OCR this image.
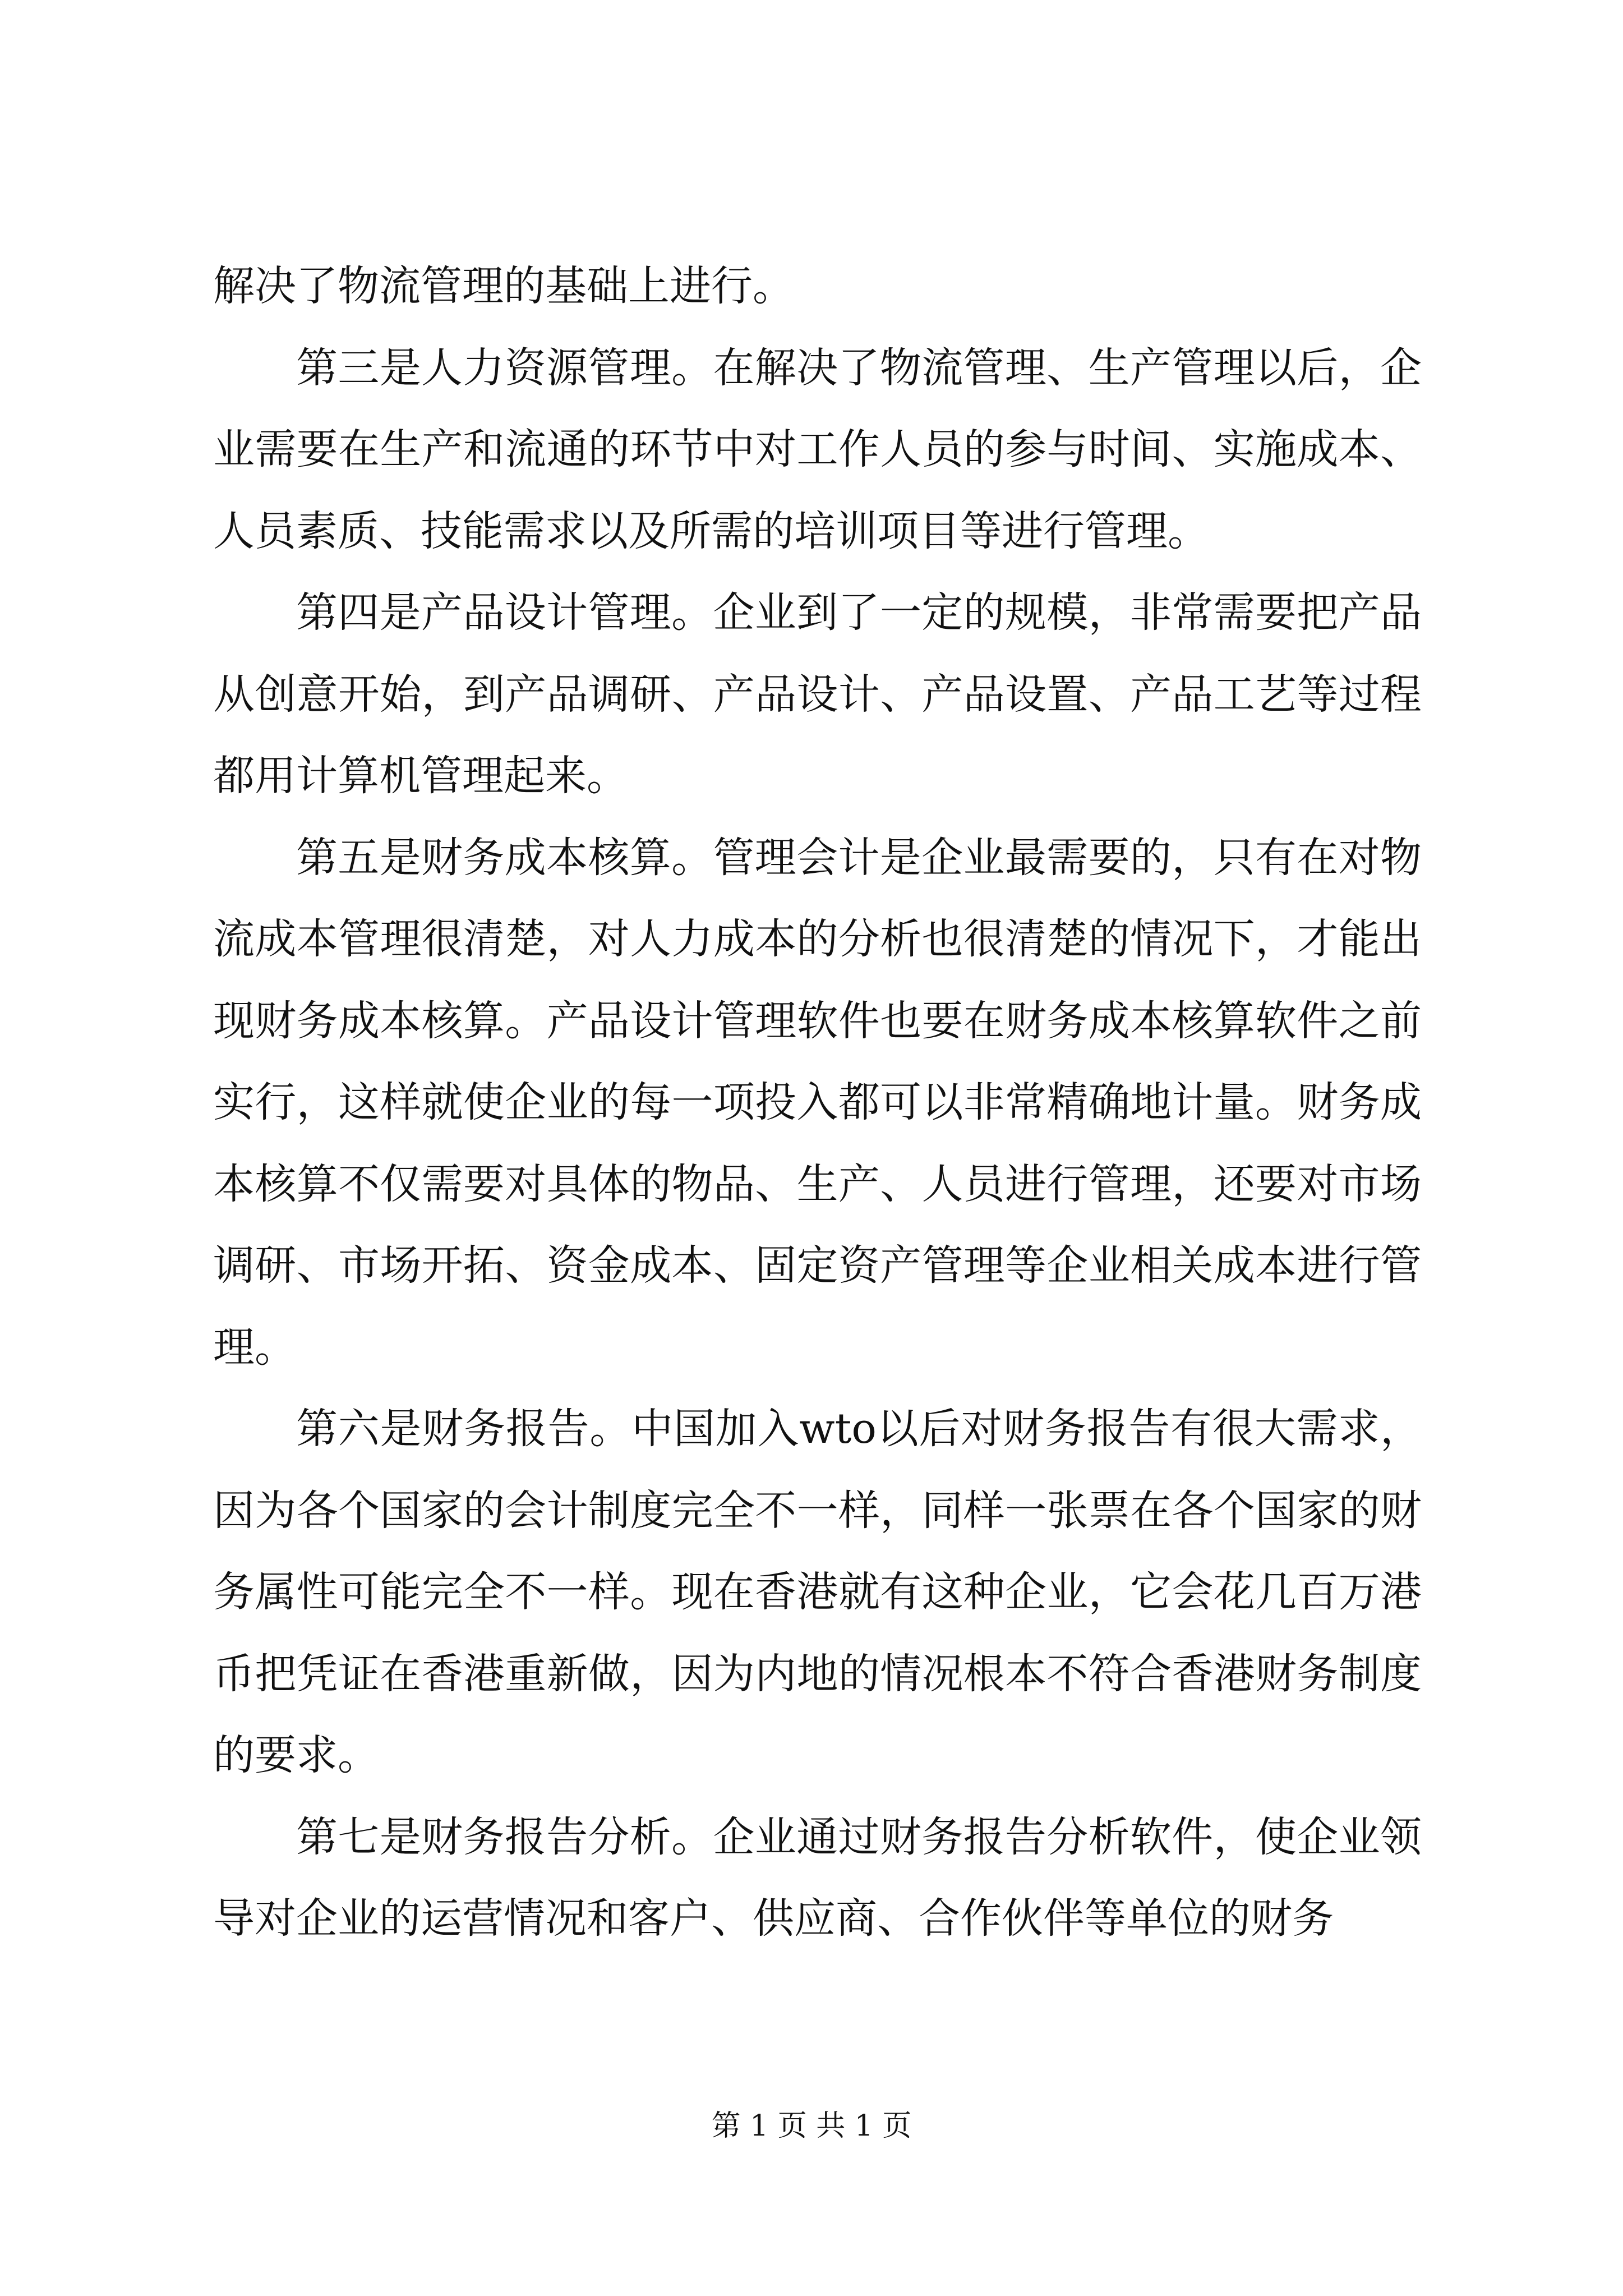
解决了物流管理的基础上进行。

第三是人力资源管理。在解决了物流管理、生产管理以后，企业需要在生产和流通的环节中对工作人员的参与时间、实施成本、人员素质、技能需求以及所需的培训项目等进行管理。

第四是产品设计管理。企业到了一定的规模，非常需要把产品从创意开始，到产品调研、产品设计、产品设置、产品工艺等过程都用计算机管理起来。

第五是财务成本核算。管理会计是企业最需要的，只有在对物流成本管理很清楚，对人力成本的分析也很清楚的情况下，才能出现财务成本核算。产品设计管理软件也要在财务成本核算软件之前实行，这样就使企业的每一项投入都可以非常精确地计量。财务成本核算不仅需要对具体的物品、生产、人员进行管理，还要对市场调研、市场开拓、资金成本、固定资产管理等企业相关成本进行管理。

第六是财务报告。中国加入wto以后对财务报告有很大需求，因为各个国家的会计制度完全不一样，同样一张票在各个国家的财务属性可能完全不一样。现在香港就有这种企业，它会花几百万港币把凭证在香港重新做，因为内地的情况根本不符合香港财务制度的要求。

第七是财务报告分析。企业通过财务报告分析软件，使企业领导对企业的运营情况和客户、供应商、合作伙伴等单位的财务

第 1 页 共 1 页
